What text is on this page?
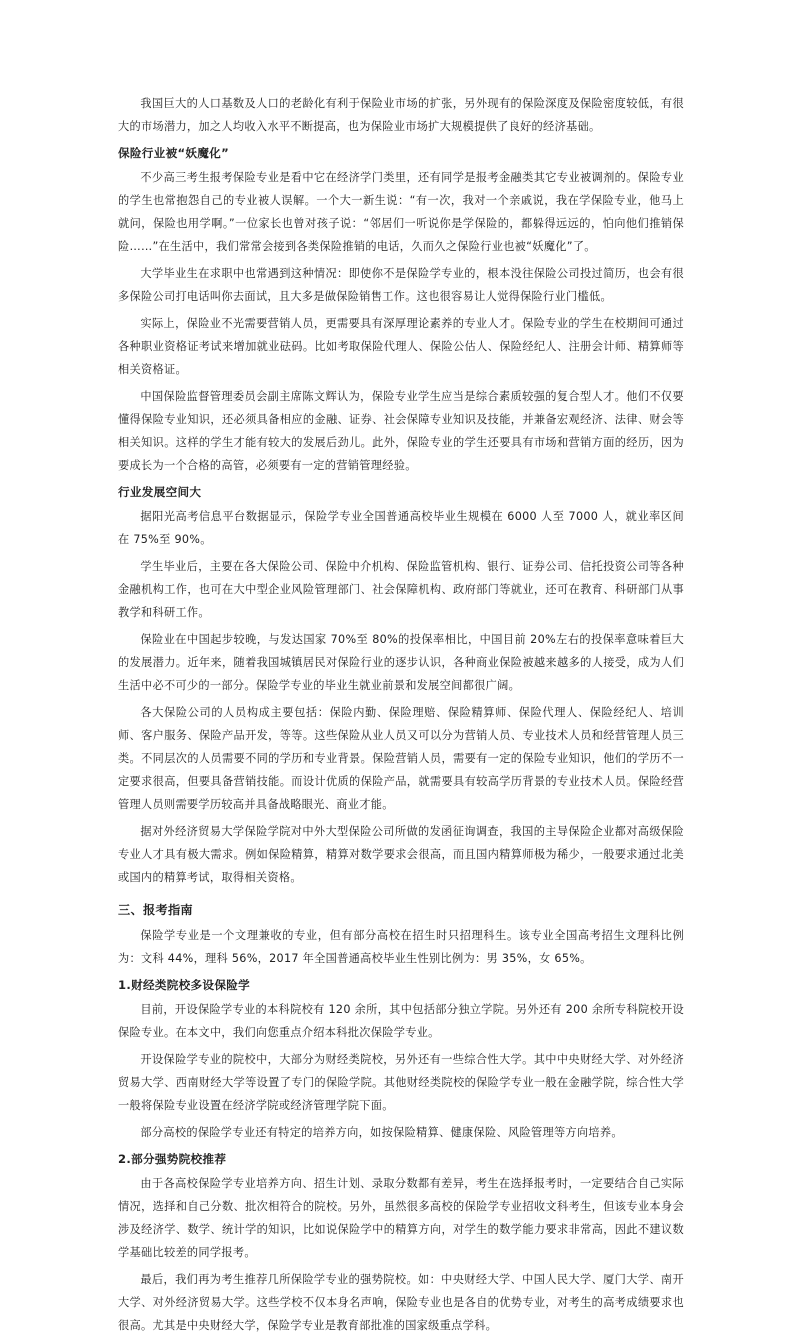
我国巨大的人口基数及人口的老龄化有利于保险业市场的扩张，另外现有的保险深度及保险密度较低，有很大的市场潜力，加之人均收入水平不断提高，也为保险业市场扩大规模提供了良好的经济基础。

保险行业被“妖魔化”

不少高三考生报考保险专业是看中它在经济学门类里，还有同学是报考金融类其它专业被调剂的。保险专业的学生也常抱怨自己的专业被人误解。一个大一新生说：“有一次，我对一个亲戚说，我在学保险专业，他马上就问，保险也用学啊。”一位家长也曾对孩子说：“邻居们一听说你是学保险的，都躲得远远的，怕向他们推销保险……”在生活中，我们常常会接到各类保险推销的电话，久而久之保险行业也被“妖魔化”了。

大学毕业生在求职中也常遇到这种情况：即使你不是保险学专业的，根本没往保险公司投过简历，也会有很多保险公司打电话叫你去面试，且大多是做保险销售工作。这也很容易让人觉得保险行业门槛低。

实际上，保险业不光需要营销人员，更需要具有深厚理论素养的专业人才。保险专业的学生在校期间可通过各种职业资格证考试来增加就业砝码。比如考取保险代理人、保险公估人、保险经纪人、注册会计师、精算师等相关资格证。

中国保险监督管理委员会副主席陈文辉认为，保险专业学生应当是综合素质较强的复合型人才。他们不仅要懂得保险专业知识，还必须具备相应的金融、证券、社会保障专业知识及技能，并兼备宏观经济、法律、财会等相关知识。这样的学生才能有较大的发展后劲儿。此外，保险专业的学生还要具有市场和营销方面的经历，因为要成长为一个合格的高管，必须要有一定的营销管理经验。

行业发展空间大

据阳光高考信息平台数据显示，保险学专业全国普通高校毕业生规模在 6000 人至 7000 人，就业率区间在 75%至 90%。

学生毕业后，主要在各大保险公司、保险中介机构、保险监管机构、银行、证券公司、信托投资公司等各种金融机构工作，也可在大中型企业风险管理部门、社会保障机构、政府部门等就业，还可在教育、科研部门从事教学和科研工作。

保险业在中国起步较晚，与发达国家 70%至 80%的投保率相比，中国目前 20%左右的投保率意味着巨大的发展潜力。近年来，随着我国城镇居民对保险行业的逐步认识，各种商业保险被越来越多的人接受，成为人们生活中必不可少的一部分。保险学专业的毕业生就业前景和发展空间都很广阔。

各大保险公司的人员构成主要包括：保险内勤、保险理赔、保险精算师、保险代理人、保险经纪人、培训师、客户服务、保险产品开发，等等。这些保险从业人员又可以分为营销人员、专业技术人员和经营管理人员三类。不同层次的人员需要不同的学历和专业背景。保险营销人员，需要有一定的保险专业知识，他们的学历不一定要求很高，但要具备营销技能。而设计优质的保险产品，就需要具有较高学历背景的专业技术人员。保险经营管理人员则需要学历较高并具备战略眼光、商业才能。

据对外经济贸易大学保险学院对中外大型保险公司所做的发函征询调查，我国的主导保险企业都对高级保险专业人才具有极大需求。例如保险精算，精算对数学要求会很高，而且国内精算师极为稀少，一般要求通过北美或国内的精算考试，取得相关资格。

三、报考指南

保险学专业是一个文理兼收的专业，但有部分高校在招生时只招理科生。该专业全国高考招生文理科比例为：文科 44%，理科 56%，2017 年全国普通高校毕业生性别比例为：男 35%，女 65%。

1.财经类院校多设保险学

目前，开设保险学专业的本科院校有 120 余所，其中包括部分独立学院。另外还有 200 余所专科院校开设保险专业。在本文中，我们向您重点介绍本科批次保险学专业。

开设保险学专业的院校中，大部分为财经类院校，另外还有一些综合性大学。其中中央财经大学、对外经济贸易大学、西南财经大学等设置了专门的保险学院。其他财经类院校的保险学专业一般在金融学院，综合性大学一般将保险专业设置在经济学院或经济管理学院下面。

部分高校的保险学专业还有特定的培养方向，如按保险精算、健康保险、风险管理等方向培养。

2.部分强势院校推荐

由于各高校保险学专业培养方向、招生计划、录取分数都有差异，考生在选择报考时，一定要结合自己实际情况，选择和自己分数、批次相符合的院校。另外，虽然很多高校的保险学专业招收文科考生，但该专业本身会涉及经济学、数学、统计学的知识，比如说保险学中的精算方向，对学生的数学能力要求非常高，因此不建议数学基础比较差的同学报考。

最后，我们再为考生推荐几所保险学专业的强势院校。如：中央财经大学、中国人民大学、厦门大学、南开大学、对外经济贸易大学。这些学校不仅本身名声响，保险专业也是各自的优势专业，对考生的高考成绩要求也很高。尤其是中央财经大学，保险学专业是教育部批准的国家级重点学科。
